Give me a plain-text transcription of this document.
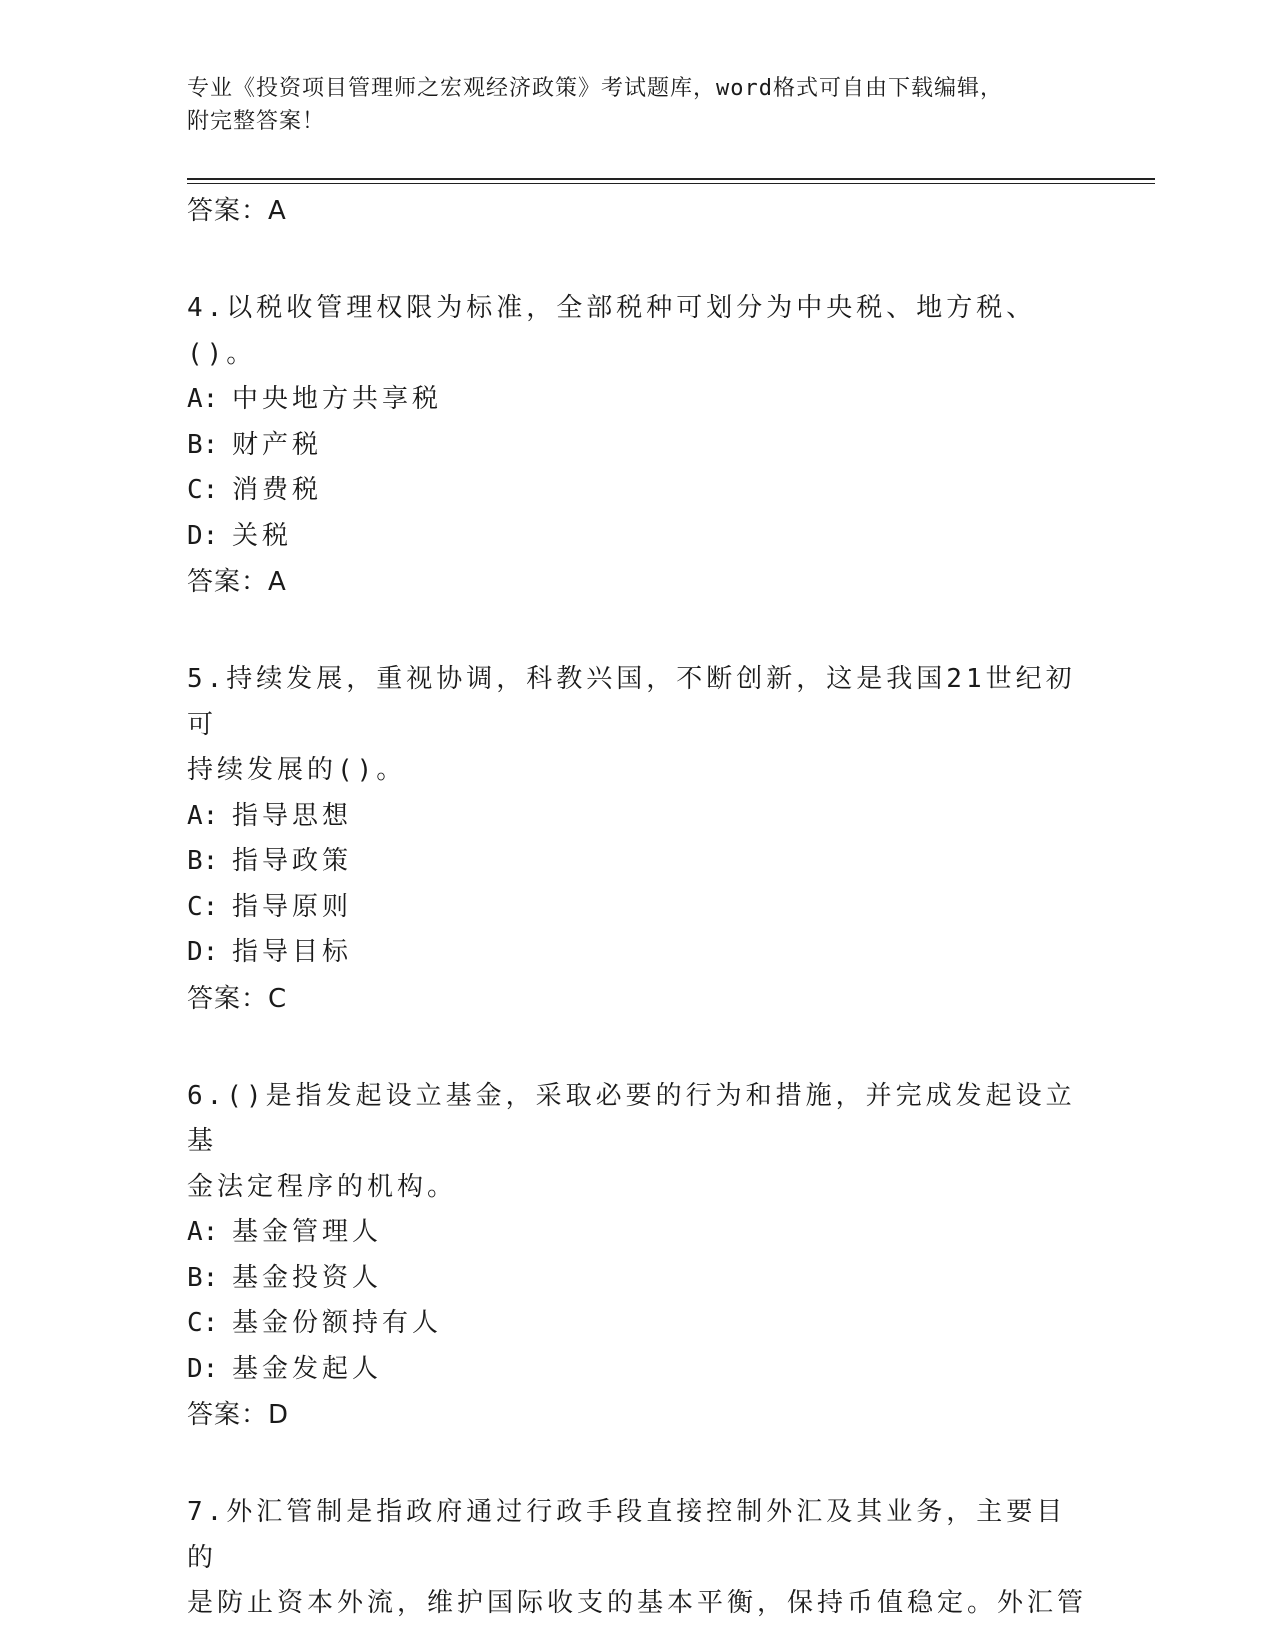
专业《投资项目管理师之宏观经济政策》考试题库，word格式可自由下载编辑，

附完整答案！

答案：A

4.以税收管理权限为标准，全部税种可划分为中央税、地方税、()。

A: 中央地方共享税

B: 财产税

C: 消费税

D: 关税

答案：A

5.持续发展，重视协调，科教兴国，不断创新，这是我国21世纪初可

持续发展的()。

A: 指导思想

B: 指导政策

C: 指导原则

D: 指导目标

答案：C

6.()是指发起设立基金，采取必要的行为和措施，并完成发起设立基

金法定程序的机构。

A: 基金管理人

B: 基金投资人

C: 基金份额持有人

D: 基金发起人

答案：D

7.外汇管制是指政府通过行政手段直接控制外汇及其业务，主要目的

是防止资本外流，维护国际收支的基本平衡，保持币值稳定。外汇管
